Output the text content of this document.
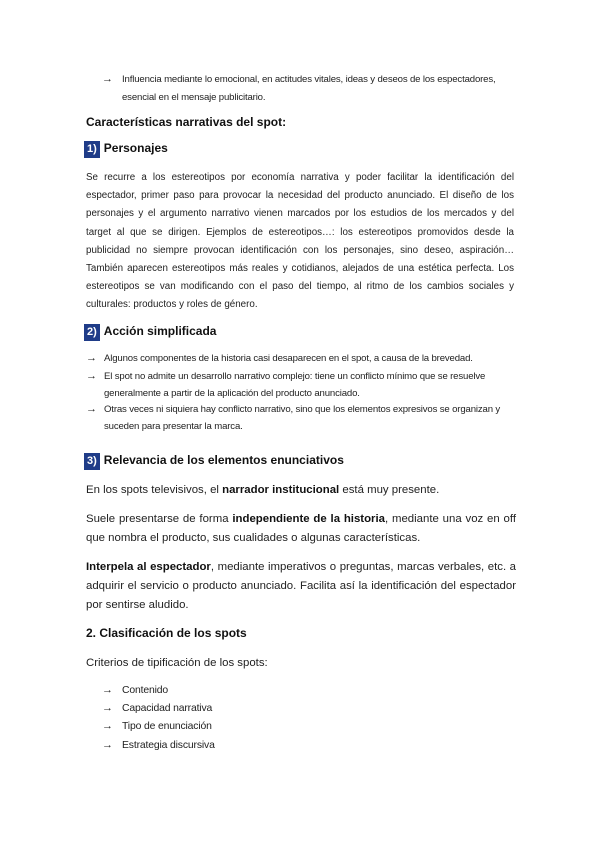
→ Influencia mediante lo emocional, en actitudes vitales, ideas y deseos de los espectadores, esencial en el mensaje publicitario.
Características narrativas del spot:
1) Personajes
Se recurre a los estereotipos por economía narrativa y poder facilitar la identificación del espectador, primer paso para provocar la necesidad del producto anunciado. El diseño de los personajes y el argumento narrativo vienen marcados por los estudios de los mercados y del target al que se dirigen. Ejemplos de estereotipos…: los estereotipos promovidos desde la publicidad no siempre provocan identificación con los personajes, sino deseo, aspiración… También aparecen estereotipos más reales y cotidianos, alejados de una estética perfecta. Los estereotipos se van modificando con el paso del tiempo, al ritmo de los cambios sociales y culturales: productos y roles de género.
2) Acción simplificada
→ Algunos componentes de la historia casi desaparecen en el spot, a causa de la brevedad.
→ El spot no admite un desarrollo narrativo complejo: tiene un conflicto mínimo que se resuelve generalmente a partir de la aplicación del producto anunciado.
→ Otras veces ni siquiera hay conflicto narrativo, sino que los elementos expresivos se organizan y suceden para presentar la marca.
3) Relevancia de los elementos enunciativos
En los spots televisivos, el narrador institucional está muy presente.
Suele presentarse de forma independiente de la historia, mediante una voz en off que nombra el producto, sus cualidades o algunas características.
Interpela al espectador, mediante imperativos o preguntas, marcas verbales, etc. a adquirir el servicio o producto anunciado. Facilita así la identificación del espectador por sentirse aludido.
2. Clasificación de los spots
Criterios de tipificación de los spots:
→ Contenido
→ Capacidad narrativa
→ Tipo de enunciación
→ Estrategia discursiva
